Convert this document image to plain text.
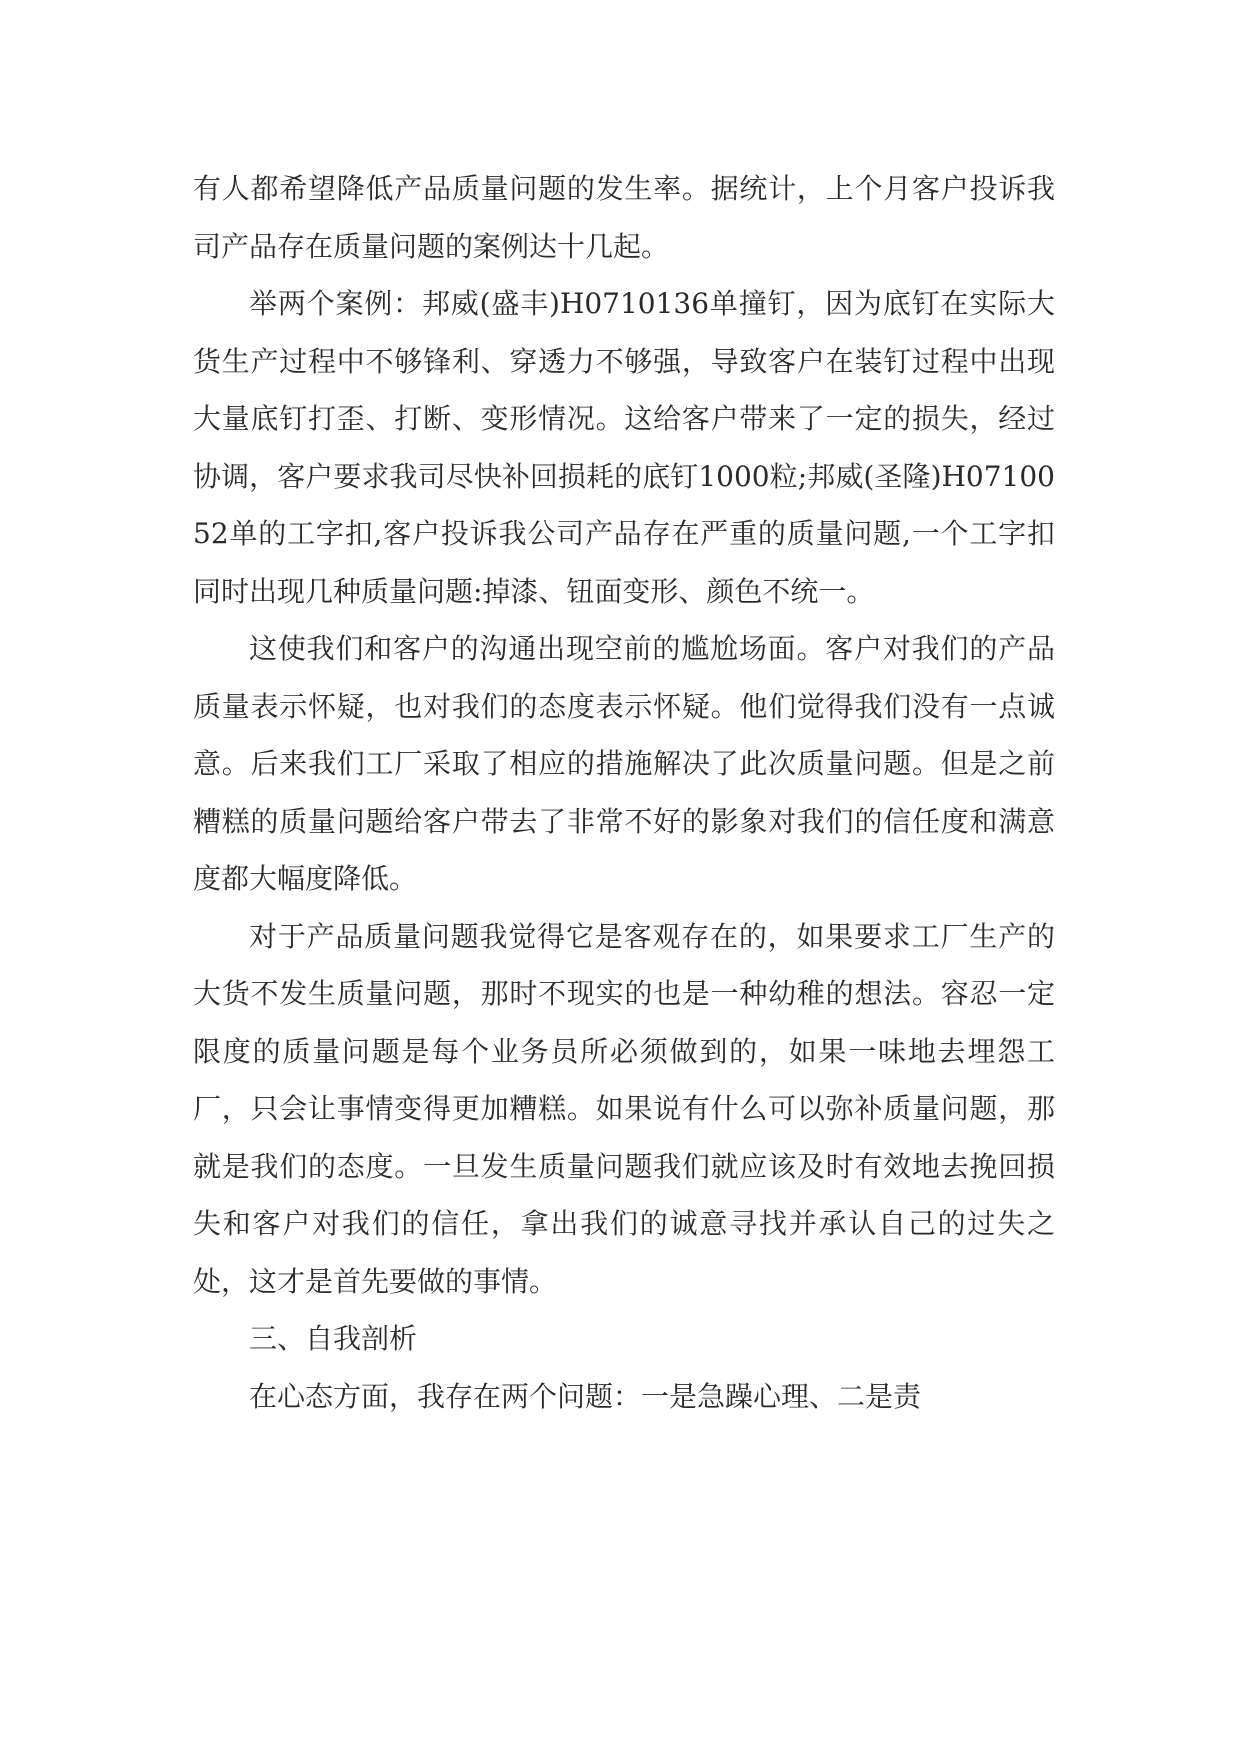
有人都希望降低产品质量问题的发生率。据统计，上个月客户投诉我司产品存在质量问题的案例达十几起。

举两个案例：邦威(盛丰)H0710136单撞钉，因为底钉在实际大货生产过程中不够锋利、穿透力不够强，导致客户在装钉过程中出现大量底钉打歪、打断、变形情况。这给客户带来了一定的损失，经过协调，客户要求我司尽快补回损耗的底钉1000粒;邦威(圣隆)H0710052单的工字扣,客户投诉我公司产品存在严重的质量问题,一个工字扣同时出现几种质量问题:掉漆、钮面变形、颜色不统一。

这使我们和客户的沟通出现空前的尴尬场面。客户对我们的产品质量表示怀疑，也对我们的态度表示怀疑。他们觉得我们没有一点诚意。后来我们工厂采取了相应的措施解决了此次质量问题。但是之前糟糕的质量问题给客户带去了非常不好的影象对我们的信任度和满意度都大幅度降低。

对于产品质量问题我觉得它是客观存在的，如果要求工厂生产的大货不发生质量问题，那时不现实的也是一种幼稚的想法。容忍一定限度的质量问题是每个业务员所必须做到的，如果一味地去埋怨工厂，只会让事情变得更加糟糕。如果说有什么可以弥补质量问题，那就是我们的态度。一旦发生质量问题我们就应该及时有效地去挽回损失和客户对我们的信任，拿出我们的诚意寻找并承认自己的过失之处，这才是首先要做的事情。

三、自我剖析

在心态方面，我存在两个问题：一是急躁心理、二是责
